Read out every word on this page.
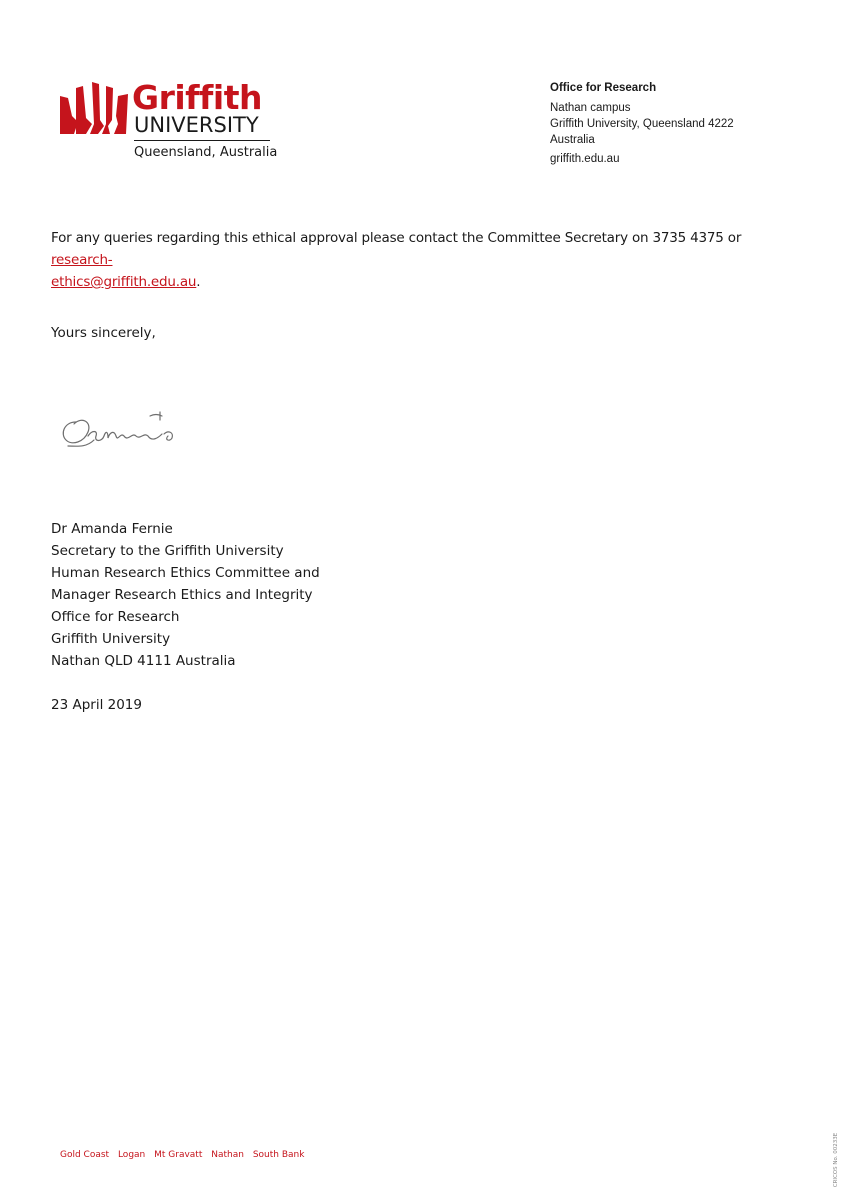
Griffith
UNIVERSITY
Queensland, Australia
Office for Research
Nathan campus
Griffith University, Queensland 4222
Australia
griffith.edu.au
For any queries regarding this ethical approval please contact the Committee Secretary on 3735 4375 or research-
ethics@griffith.edu.au.
Yours sincerely,
Dr Amanda Fernie
Secretary to the Griffith University
Human Research Ethics Committee and
Manager Research Ethics and Integrity
Office for Research
Griffith University
Nathan QLD 4111 Australia
23 April 2019
Gold Coast Logan Mt Gravatt Nathan South Bank	CRICOS No. 00233E
